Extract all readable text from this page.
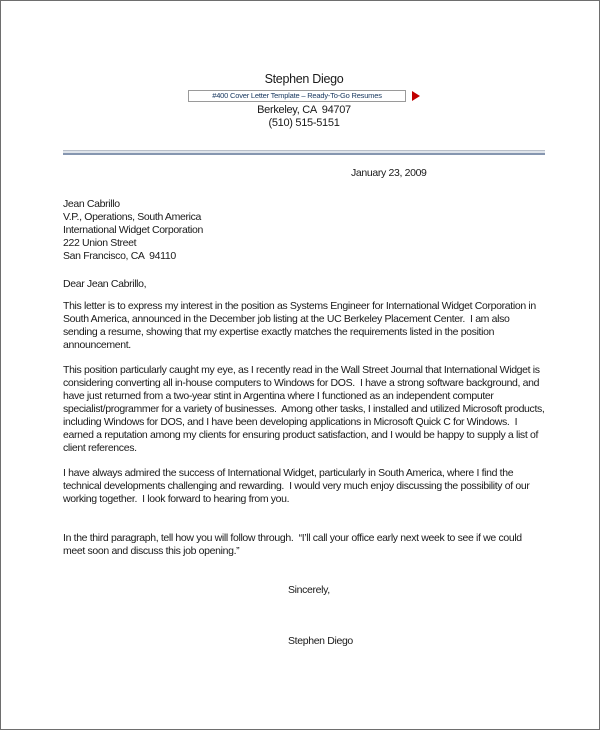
Stephen Diego
#400 Cover Letter Template – Ready-To-Go Resumes
Berkeley, CA  94707
(510) 515-5151
January 23, 2009
Jean Cabrillo
V.P., Operations, South America
International Widget Corporation
222 Union Street
San Francisco, CA  94110
Dear Jean Cabrillo,

This letter is to express my interest in the position as Systems Engineer for International Widget Corporation in South America, announced in the December job listing at the UC Berkeley Placement Center.  I am also sending a resume, showing that my expertise exactly matches the requirements listed in the position announcement.

This position particularly caught my eye, as I recently read in the Wall Street Journal that International Widget is considering converting all in-house computers to Windows for DOS.  I have a strong software background, and have just returned from a two-year stint in Argentina where I functioned as an independent computer specialist/programmer for a variety of businesses.  Among other tasks, I installed and utilized Microsoft products, including Windows for DOS, and I have been developing applications in Microsoft Quick C for Windows.  I earned a reputation among my clients for ensuring product satisfaction, and I would be happy to supply a list of client references.

I have always admired the success of International Widget, particularly in South America, where I find the technical developments challenging and rewarding.  I would very much enjoy discussing the possibility of our working together.  I look forward to hearing from you.

In the third paragraph, tell how you will follow through.  “I’ll call your office early next week to see if we could meet soon and discuss this job opening.”

Sincerely,
Stephen Diego
